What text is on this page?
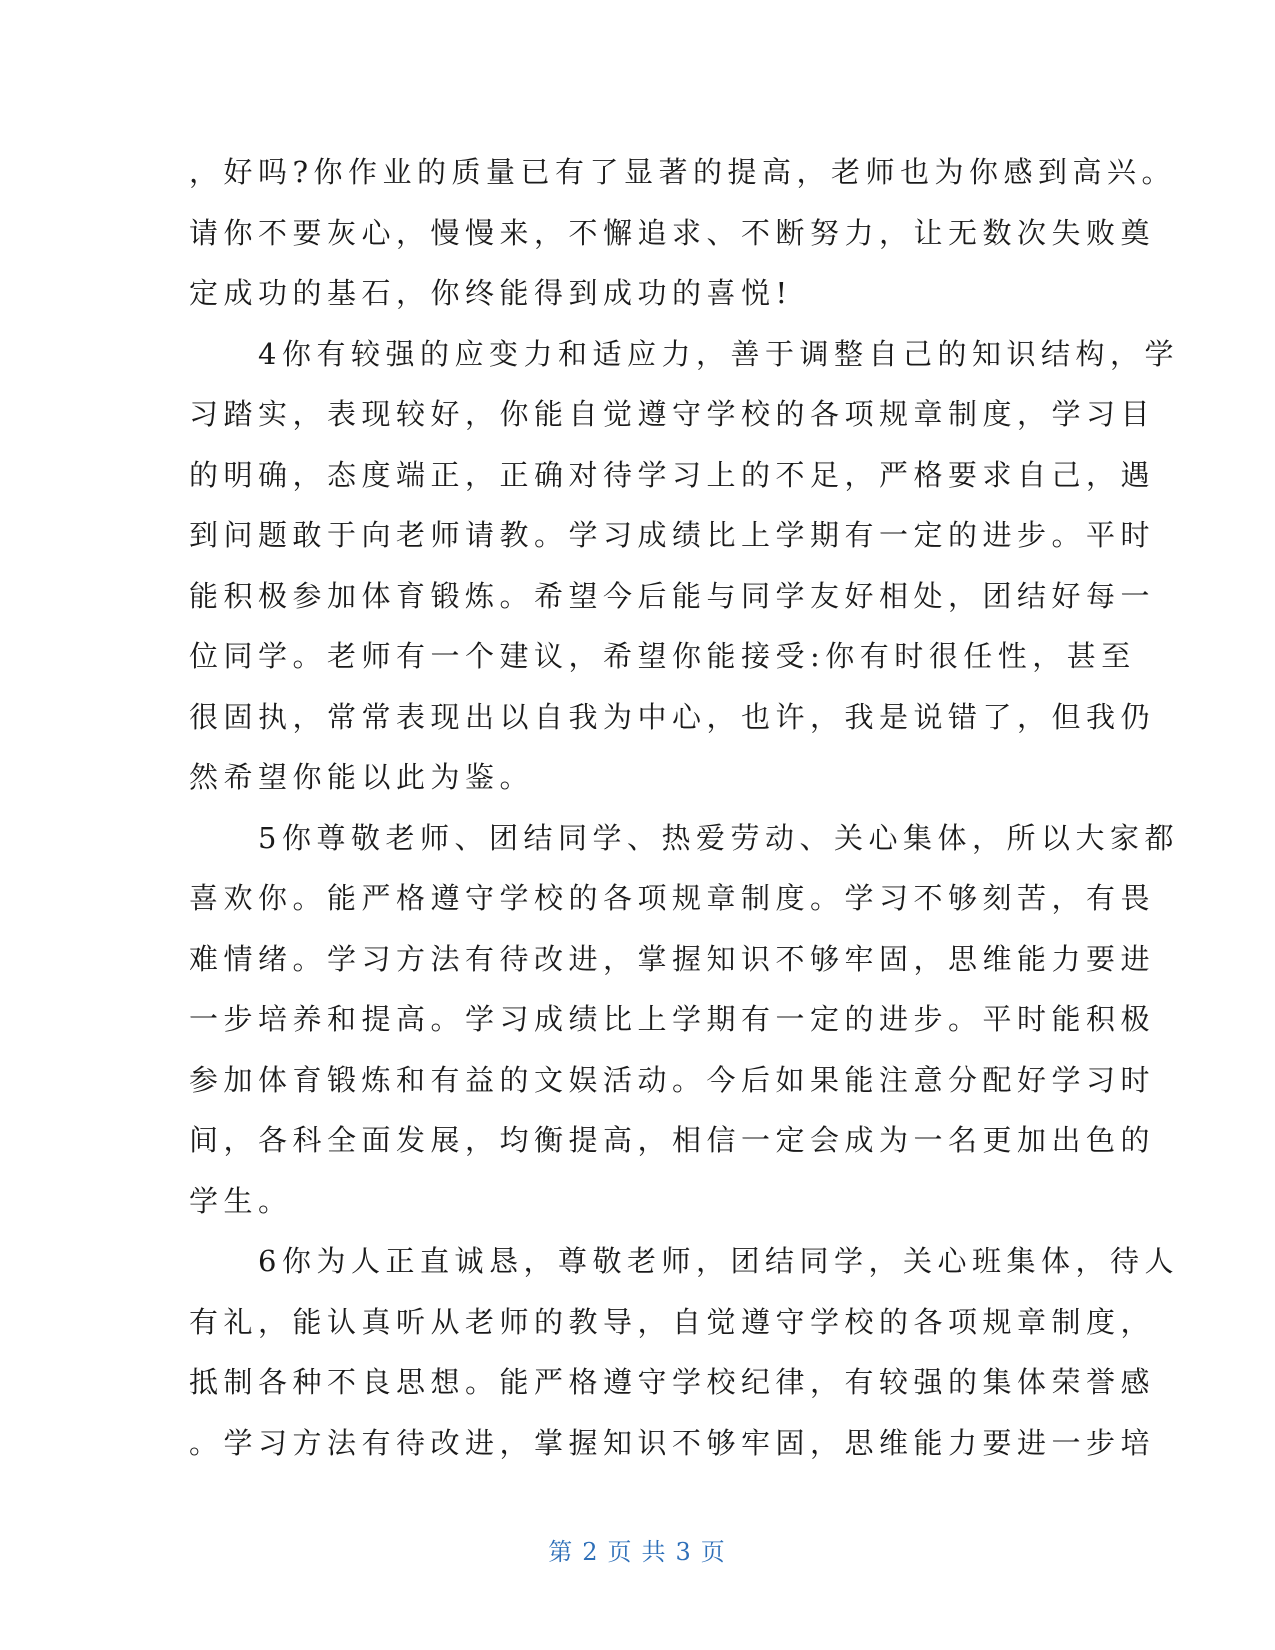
，好吗?你作业的质量已有了显著的提高，老师也为你感到高兴。
请你不要灰心，慢慢来，不懈追求、不断努力，让无数次失败奠
定成功的基石，你终能得到成功的喜悦!
　　4你有较强的应变力和适应力，善于调整自己的知识结构，学
习踏实，表现较好，你能自觉遵守学校的各项规章制度，学习目
的明确，态度端正，正确对待学习上的不足，严格要求自己，遇
到问题敢于向老师请教。学习成绩比上学期有一定的进步。平时
能积极参加体育锻炼。希望今后能与同学友好相处，团结好每一
位同学。老师有一个建议，希望你能接受:你有时很任性，甚至
很固执，常常表现出以自我为中心，也许，我是说错了，但我仍
然希望你能以此为鉴。
　　5你尊敬老师、团结同学、热爱劳动、关心集体，所以大家都
喜欢你。能严格遵守学校的各项规章制度。学习不够刻苦，有畏
难情绪。学习方法有待改进，掌握知识不够牢固，思维能力要进
一步培养和提高。学习成绩比上学期有一定的进步。平时能积极
参加体育锻炼和有益的文娱活动。今后如果能注意分配好学习时
间，各科全面发展，均衡提高，相信一定会成为一名更加出色的
学生。
　　6你为人正直诚恳，尊敬老师，团结同学，关心班集体，待人
有礼，能认真听从老师的教导，自觉遵守学校的各项规章制度，
抵制各种不良思想。能严格遵守学校纪律，有较强的集体荣誉感
。学习方法有待改进，掌握知识不够牢固，思维能力要进一步培
第 2 页 共 3 页
